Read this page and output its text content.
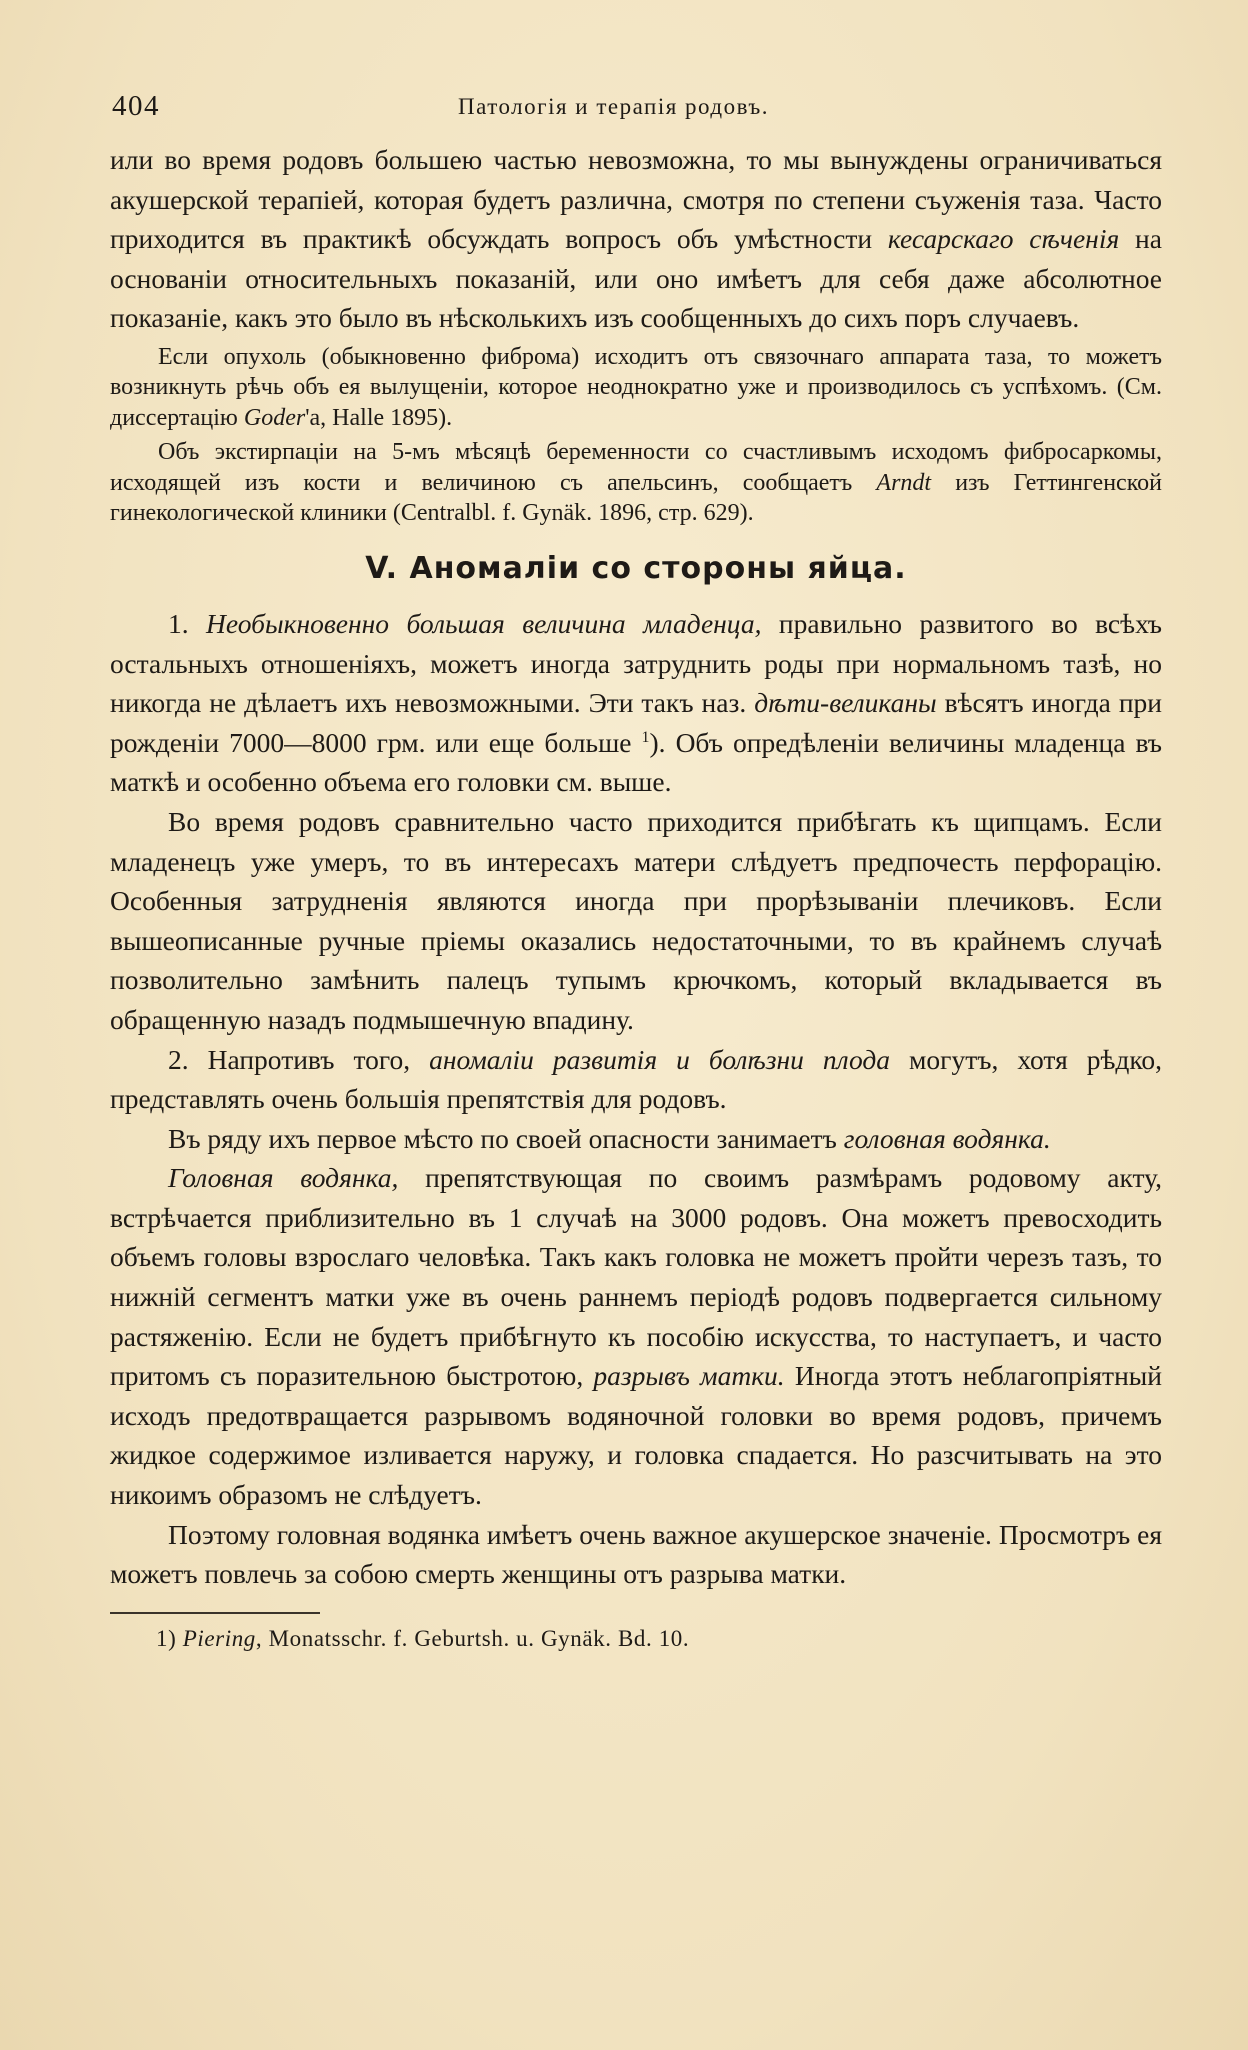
404	Патологія и терапія родовъ.

или во время родовъ большею частью невозможна, то мы вынуждены ограничиваться акушерской терапіей, которая будетъ различна, смотря по степени съуженія таза. Часто приходится въ практикѣ обсуждать вопросъ объ умѣстности кесарскаго сѣченія на основаніи относительныхъ показаній, или оно имѣетъ для себя даже абсолютное показаніе, какъ это было въ нѣсколькихъ изъ сообщенныхъ до сихъ поръ случаевъ.

Если опухоль (обыкновенно фиброма) исходитъ отъ связочнаго аппарата таза, то можетъ возникнуть рѣчь объ ея вылущеніи, которое неоднократно уже и производилось съ успѣхомъ. (См. диссертацію Goder'а, Halle 1895).

Объ экстирпаціи на 5-мъ мѣсяцѣ беременности со счастливымъ исходомъ фибросаркомы, исходящей изъ кости и величиною съ апельсинъ, сообщаетъ Arndt изъ Геттингенской гинекологической клиники (Centralbl. f. Gynäk. 1896, стр. 629).

V. Аномаліи со стороны яйца.

1. Необыкновенно большая величина младенца, правильно развитого во всѣхъ остальныхъ отношеніяхъ, можетъ иногда затруднить роды при нормальномъ тазѣ, но никогда не дѣлаетъ ихъ невозможными. Эти такъ наз. дѣти-великаны вѣсятъ иногда при рожденіи 7000—8000 грм. или еще больше $^1$). Объ опредѣленіи величины младенца въ маткѣ и особенно объема его головки см. выше.

Во время родовъ сравнительно часто приходится прибѣгать къ щипцамъ. Если младенецъ уже умеръ, то въ интересахъ матери слѣдуетъ предпочесть перфорацію. Особенныя затрудненія являются иногда при прорѣзываніи плечиковъ. Если вышеописанные ручные пріемы оказались недостаточными, то въ крайнемъ случаѣ позволительно замѣнить палецъ тупымъ крючкомъ, который вкладывается въ обращенную назадъ подмышечную впадину.

2. Напротивъ того, аномаліи развитія и болѣзни плода могутъ, хотя рѣдко, представлять очень большія препятствія для родовъ.

Въ ряду ихъ первое мѣсто по своей опасности занимаетъ головная водянка.

Головная водянка, препятствующая по своимъ размѣрамъ родовому акту, встрѣчается приблизительно въ 1 случаѣ на 3000 родовъ. Она можетъ превосходить объемъ головы взрослаго человѣка. Такъ какъ головка не можетъ пройти черезъ тазъ, то нижній сегментъ матки уже въ очень раннемъ періодѣ родовъ подвергается сильному растяженію. Если не будетъ прибѣгнуто къ пособію искусства, то наступаетъ, и часто притомъ съ поразительною быстротою, разрывъ матки. Иногда этотъ неблагопріятный исходъ предотвращается разрывомъ водяночной головки во время родовъ, причемъ жидкое содержимое изливается наружу, и головка спадается. Но разсчитывать на это никоимъ образомъ не слѣдуетъ.

Поэтому головная водянка имѣетъ очень важное акушерское значеніе. Просмотръ ея можетъ повлечь за собою смерть женщины отъ разрыва матки.

1) Piering, Monatsschr. f. Geburtsh. u. Gynäk. Bd. 10.
